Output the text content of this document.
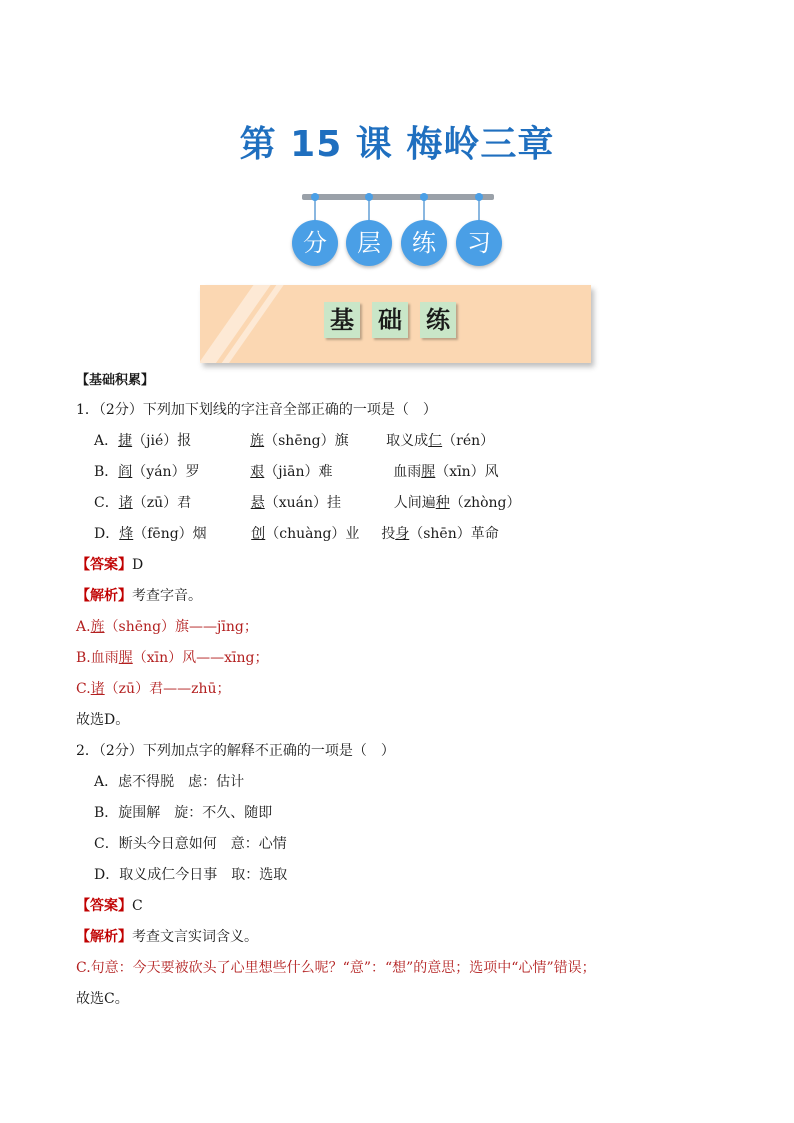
第 15 课 梅岭三章
分	层	练	习
基 础 练
【基础积累】
1．（2分）下列加下划线的字注音全部正确的一项是（　）
A．捷（jié）报	旌（shēng）旗	取义成仁（rén）
B．阎（yán）罗	艰（jiān）难	血雨腥（xīn）风
C．诸（zū）君	悬（xuán）挂	人间遍种（zhòng）
D．烽（fēng）烟	创（chuàng）业 投身（shēn）革命
【答案】D
【解析】考查字音。
A.旌（shēng）旗——jīng；
B.血雨腥（xīn）风——xīng；
C.诸（zū）君——zhū；
故选D。
2．（2分）下列加点字的解释不正确的一项是（　）
A．虑不得脱　虑：估计
B．旋围解　旋：不久、随即
C．断头今日意如何　意：心情
D．取义成仁今日事　取：选取
【答案】C
【解析】考查文言实词含义。
C.句意：今天要被砍头了心里想些什么呢？“意”：“想”的意思；选项中“心情”错误；
故选C。
